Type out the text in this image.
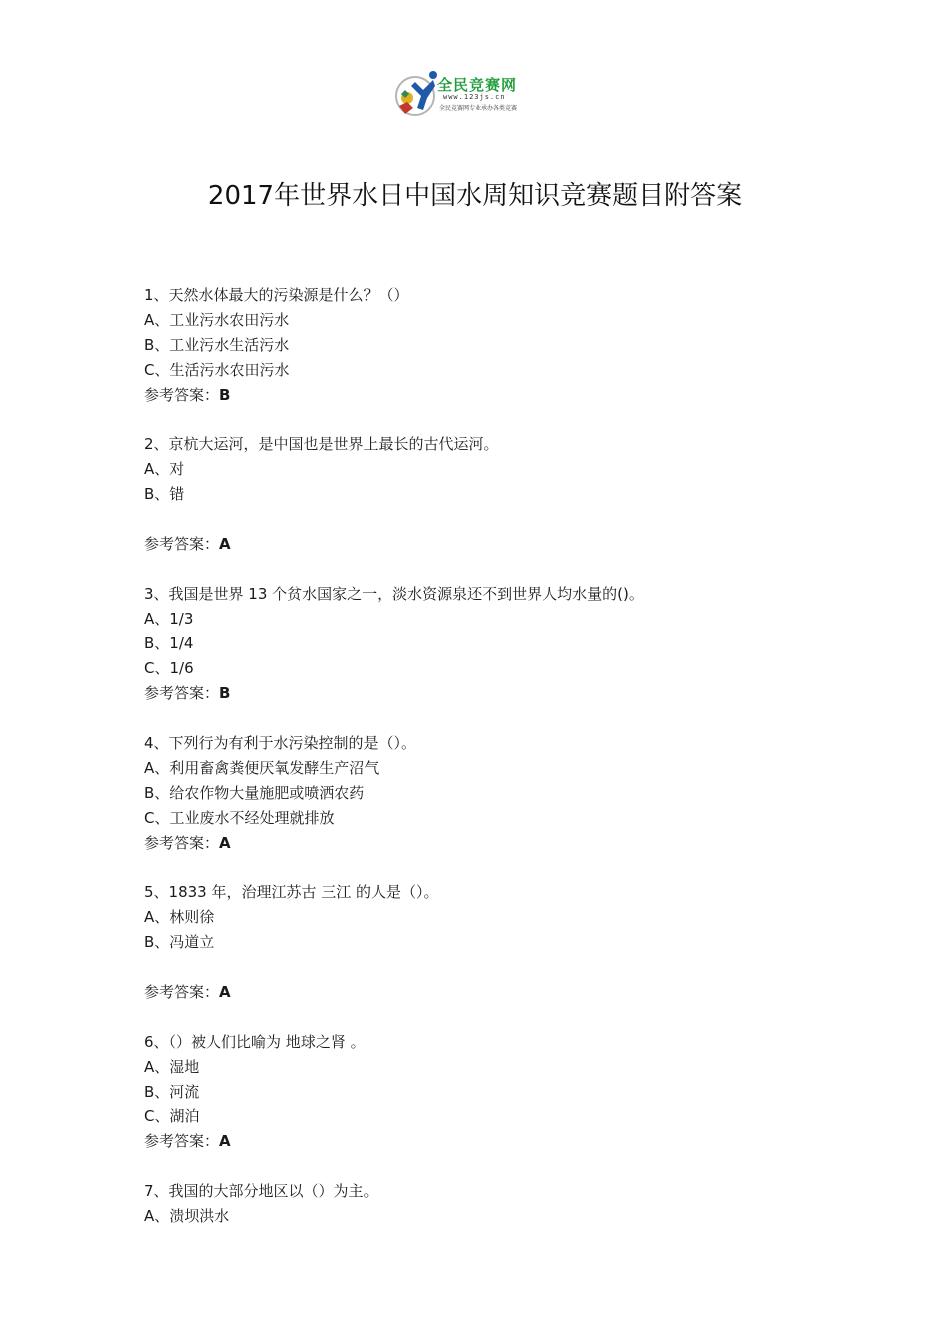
全民竞赛网
www.123js.cn
全民竞赛网专业承办各类竞赛
2017年世界水日中国水周知识竞赛题目附答案
1、天然水体最大的污染源是什么？（）
A、工业污水农田污水
B、工业污水生活污水
C、生活污水农田污水
参考答案：B
2、京杭大运河，是中国也是世界上最长的古代运河。
A、对
B、错
参考答案：A
3、我国是世界 13 个贫水国家之一，淡水资源泉还不到世界人均水量的()。
A、1/3
B、1/4
C、1/6
参考答案：B
4、下列行为有利于水污染控制的是（）。
A、利用畜禽粪便厌氧发酵生产沼气
B、给农作物大量施肥或喷洒农药
C、工业废水不经处理就排放
参考答案：A
5、1833 年，治理江苏古 三江 的人是（）。
A、林则徐
B、冯道立
参考答案：A
6、（）被人们比喻为 地球之肾 。
A、湿地
B、河流
C、湖泊
参考答案：A
7、我国的大部分地区以（）为主。
A、溃坝洪水
